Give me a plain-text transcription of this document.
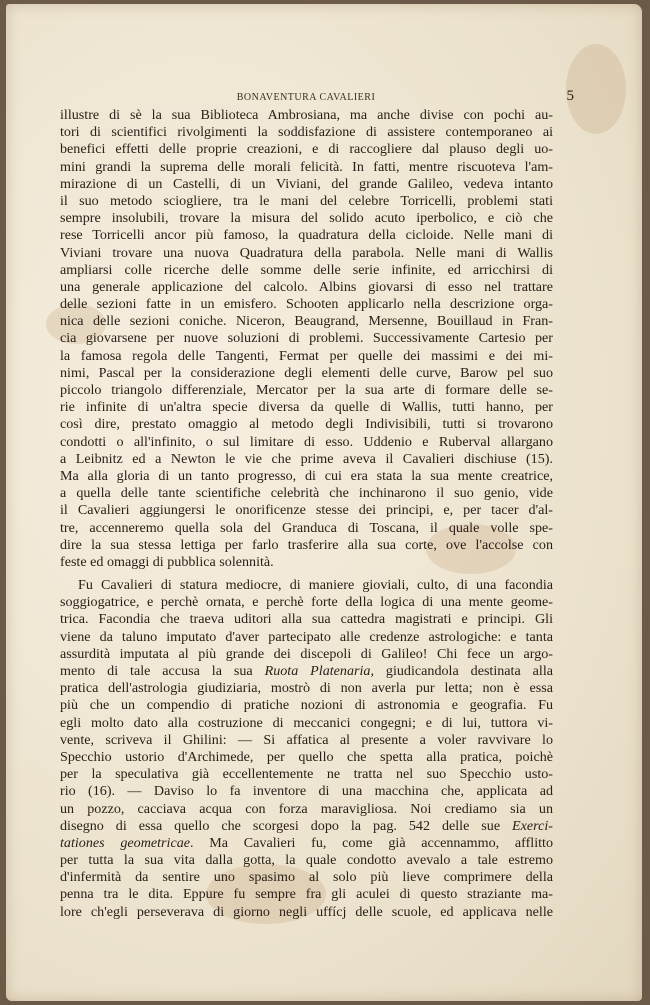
BONAVENTURA CAVALIERI	5
illustre di sè la sua Biblioteca Ambrosiana, ma anche divise con pochi au-
tori di scientifici rivolgimenti la soddisfazione di assistere contemporaneo ai
benefici effetti delle proprie creazioni, e di raccogliere dal plauso degli uo-
mini grandi la suprema delle morali felicità. In fatti, mentre riscuoteva l'am-
mirazione di un Castelli, di un Viviani, del grande Galileo, vedeva intanto
il suo metodo sciogliere, tra le mani del celebre Torricelli, problemi stati
sempre insolubili, trovare la misura del solido acuto iperbolico, e ciò che
rese Torricelli ancor più famoso, la quadratura della cicloide. Nelle mani di
Viviani trovare una nuova Quadratura della parabola. Nelle mani di Wallis
ampliarsi colle ricerche delle somme delle serie infinite, ed arricchirsi di
una generale applicazione del calcolo. Albins giovarsi di esso nel trattare
delle sezioni fatte in un emisfero. Schooten applicarlo nella descrizione orga-
nica delle sezioni coniche. Niceron, Beaugrand, Mersenne, Bouillaud in Fran-
cia giovarsene per nuove soluzioni di problemi. Successivamente Cartesio per
la famosa regola delle Tangenti, Fermat per quelle dei massimi e dei mi-
nimi, Pascal per la considerazione degli elementi delle curve, Barow pel suo
piccolo triangolo differenziale, Mercator per la sua arte di formare delle se-
rie infinite di un'altra specie diversa da quelle di Wallis, tutti hanno, per
così dire, prestato omaggio al metodo degli Indivisibili, tutti si trovarono
condotti o all'infinito, o sul limitare di esso. Uddenio e Ruberval allargano
a Leibnitz ed a Newton le vie che prime aveva il Cavalieri dischiuse (15).
Ma alla gloria di un tanto progresso, di cui era stata la sua mente creatrice,
a quella delle tante scientifiche celebrità che inchinarono il suo genio, vide
il Cavalieri aggiungersi le onorificenze stesse dei principi, e, per tacer d'al-
tre, accenneremo quella sola del Granduca di Toscana, il quale volle spe-
dire la sua stessa lettiga per farlo trasferire alla sua corte, ove l'accolse con
feste ed omaggi di pubblica solennità.
Fu Cavalieri di statura mediocre, di maniere gioviali, culto, di una facondia
soggiogatrice, e perchè ornata, e perchè forte della logica di una mente geome-
trica. Facondia che traeva uditori alla sua cattedra magistrati e principi. Gli
viene da taluno imputato d'aver partecipato alle credenze astrologiche: e tanta
assurdità imputata al più grande dei discepoli di Galileo! Chi fece un argo-
mento di tale accusa la sua Ruota Platenaria, giudicandola destinata alla
pratica dell'astrologia giudiziaria, mostrò di non averla pur letta; non è essa
più che un compendio di pratiche nozioni di astronomia e geografia. Fu
egli molto dato alla costruzione di meccanici congegni; e di lui, tuttora vi-
vente, scriveva il Ghilini: — Si affatica al presente a voler ravvivare lo
Specchio ustorio d'Archimede, per quello che spetta alla pratica, poichè
per la speculativa già eccellentemente ne tratta nel suo Specchio usto-
rio (16). — Daviso lo fa inventore di una macchina che, applicata ad
un pozzo, cacciava acqua con forza maravigliosa. Noi crediamo sia un
disegno di essa quello che scorgesi dopo la pag. 542 delle sue Exerci-
tationes geometricae. Ma Cavalieri fu, come già accennammo, afflitto
per tutta la sua vita dalla gotta, la quale condotto avevalo a tale estremo
d'infermità da sentire uno spasimo al solo più lieve comprimere della
penna tra le dita. Eppure fu sempre fra gli aculei di questo straziante ma-
lore ch'egli perseverava di giorno negli uffícj delle scuole, ed applicava nelle
